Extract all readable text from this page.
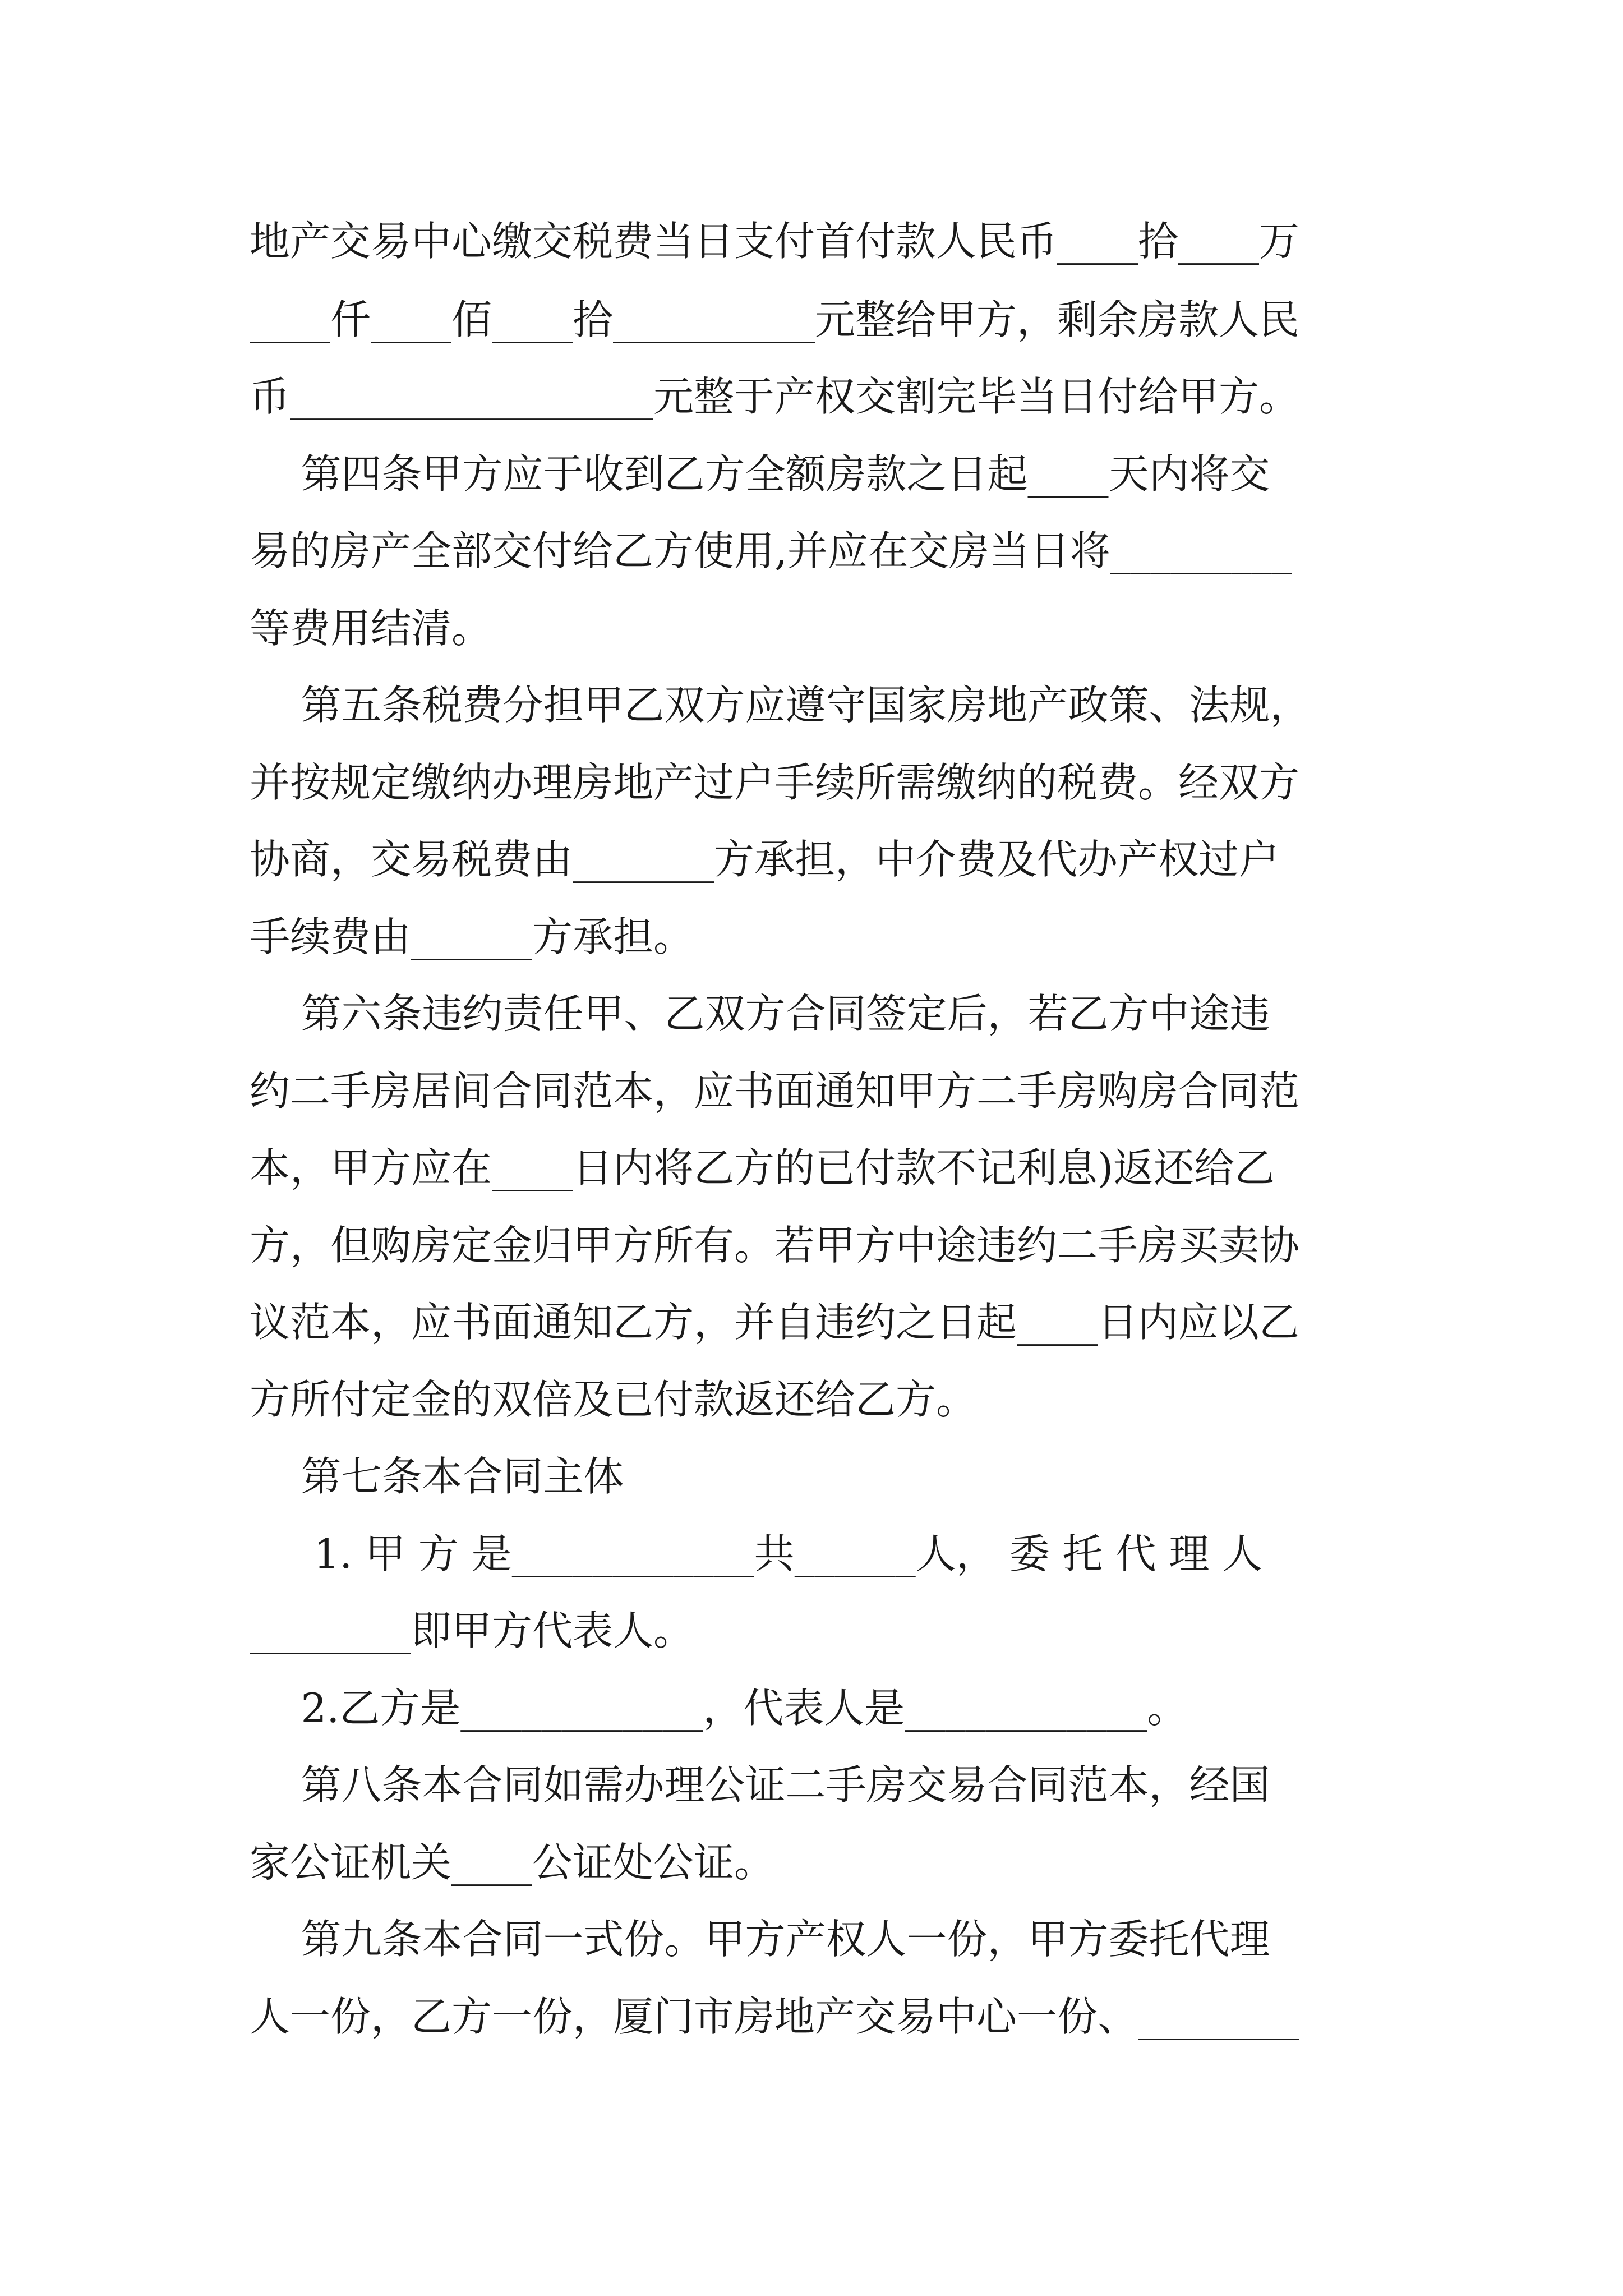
地产交易中心缴交税费当日支付首付款人民币____拾____万
____仟____佰____拾__________元整给甲方，剩余房款人民
币__________________元整于产权交割完毕当日付给甲方。
第四条甲方应于收到乙方全额房款之日起____天内将交
易的房产全部交付给乙方使用,并应在交房当日将_________
等费用结清。
第五条税费分担甲乙双方应遵守国家房地产政策、法规，
并按规定缴纳办理房地产过户手续所需缴纳的税费。经双方
协商，交易税费由_______方承担，中介费及代办产权过户
手续费由______方承担。
第六条违约责任甲、乙双方合同签定后，若乙方中途违
约二手房居间合同范本，应书面通知甲方二手房购房合同范
本，甲方应在____日内将乙方的已付款不记利息)返还给乙
方，但购房定金归甲方所有。若甲方中途违约二手房买卖协
议范本，应书面通知乙方，并自违约之日起____日内应以乙
方所付定金的双倍及已付款返还给乙方。
第七条本合同主体
1. 甲 方 是____________共______人， 委 托 代 理 人
________即甲方代表人。
2.乙方是____________，代表人是____________。
第八条本合同如需办理公证二手房交易合同范本，经国
家公证机关____公证处公证。
第九条本合同一式份。甲方产权人一份，甲方委托代理
人一份，乙方一份，厦门市房地产交易中心一份、________
